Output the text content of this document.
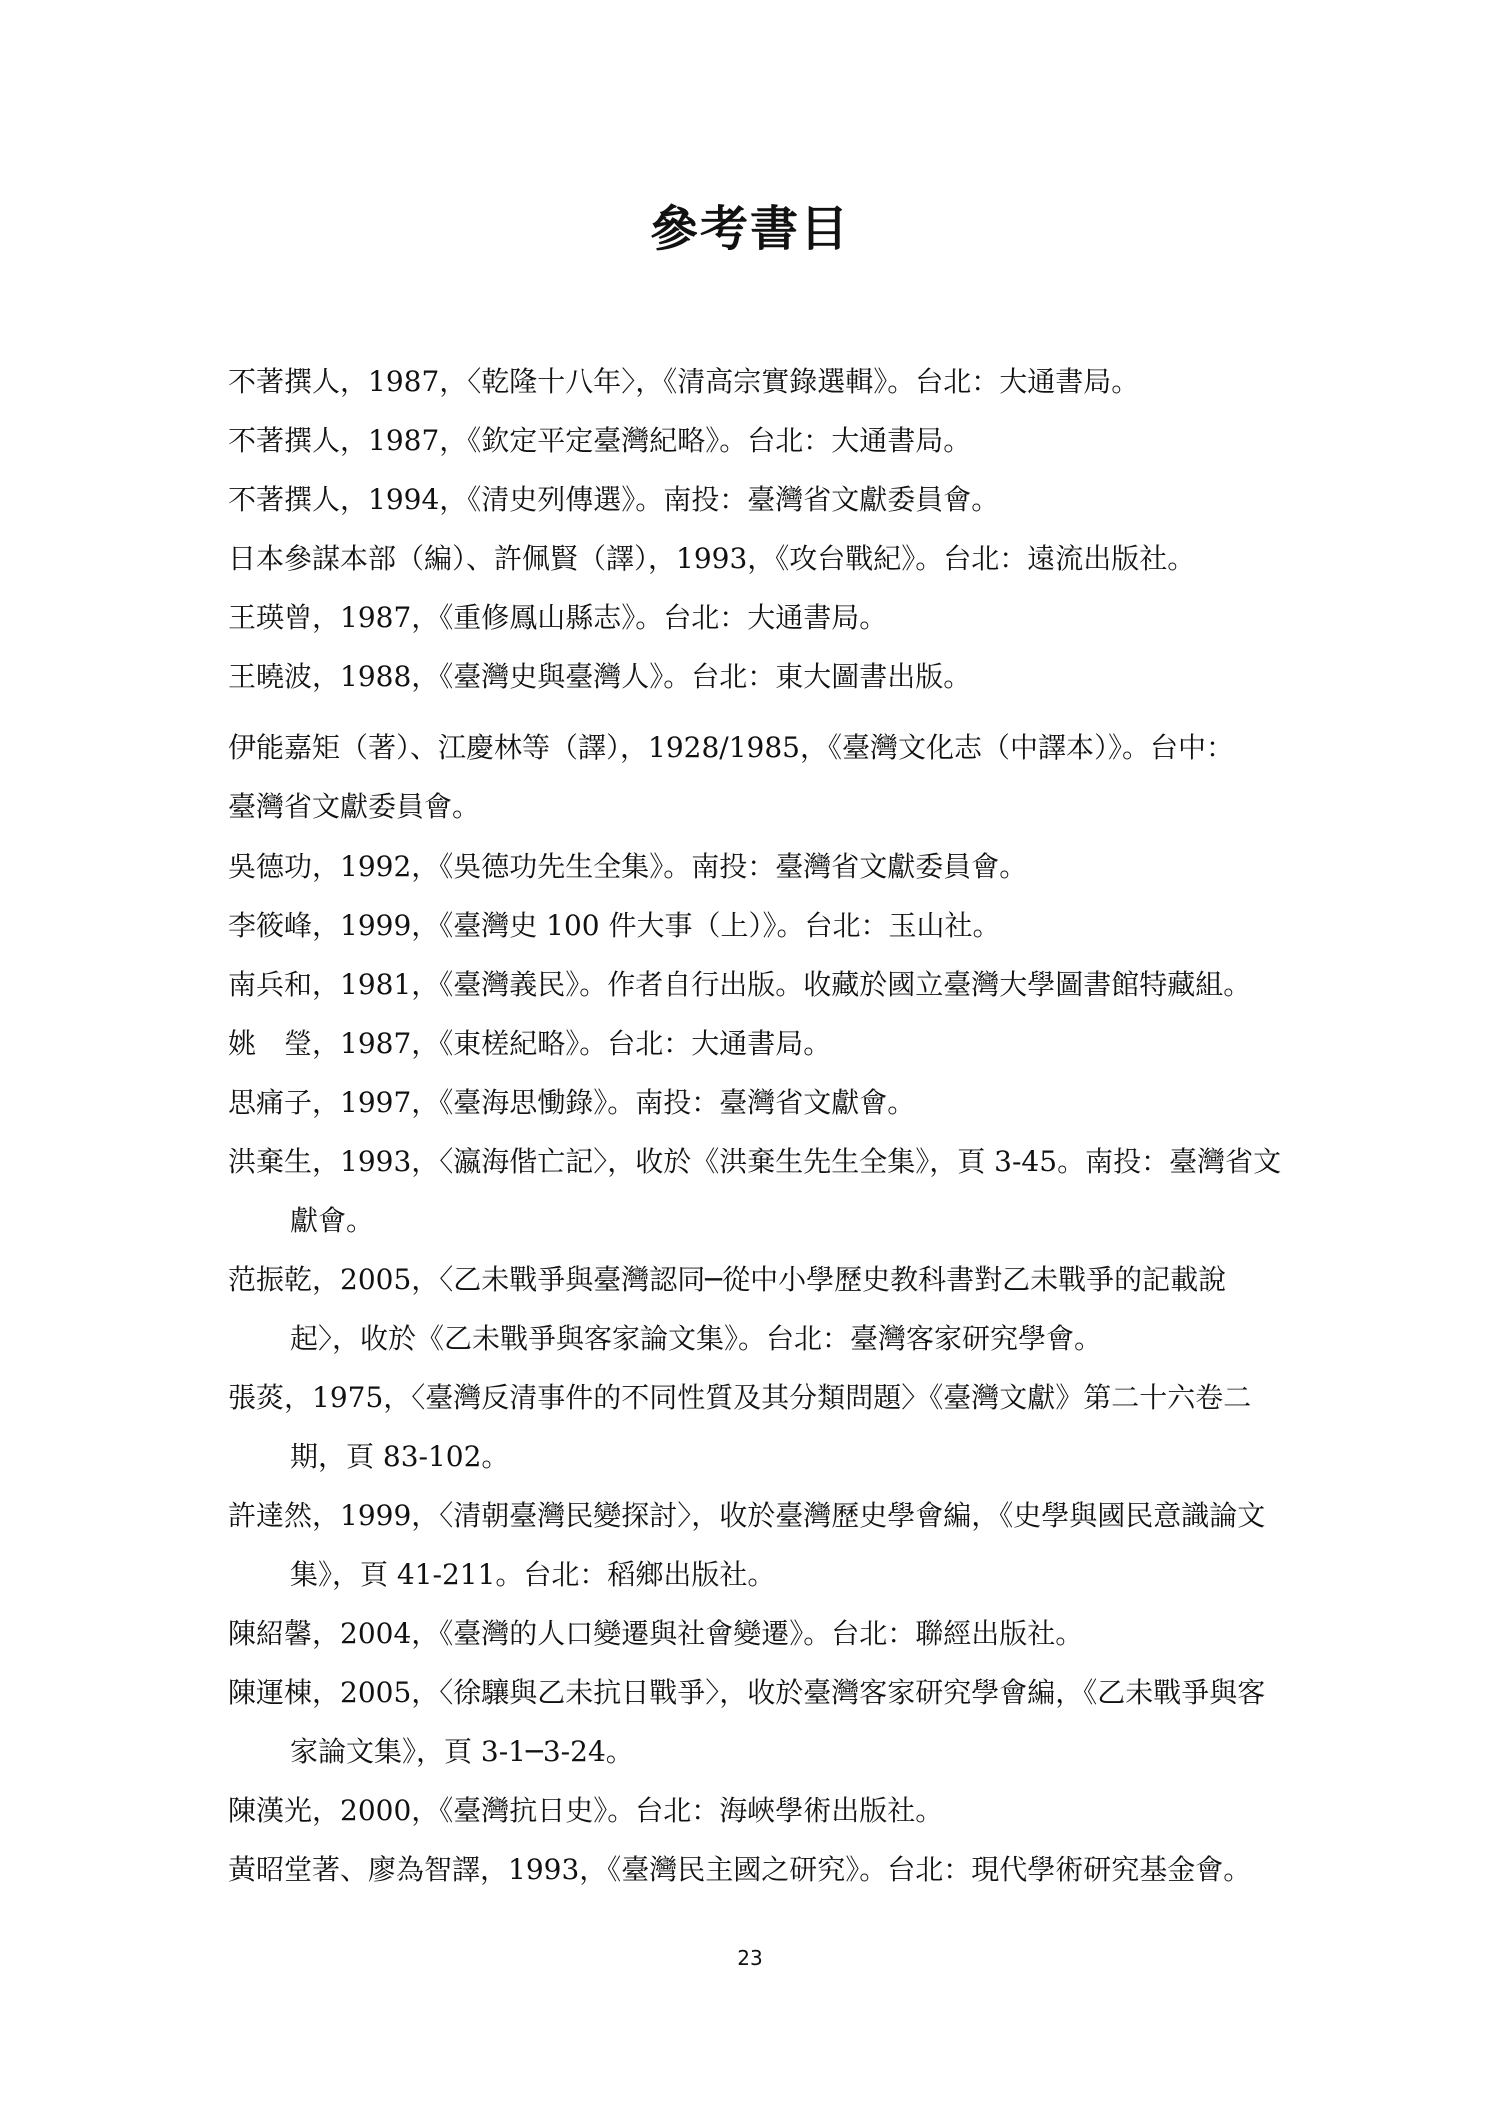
參考書目
不著撰人，1987，〈乾隆十八年〉，《清高宗實錄選輯》。台北：大通書局。
不著撰人，1987，《欽定平定臺灣紀略》。台北：大通書局。
不著撰人，1994，《清史列傳選》。南投：臺灣省文獻委員會。
日本參謀本部（編）、許佩賢（譯），1993，《攻台戰紀》。台北：遠流出版社。
王瑛曾，1987，《重修鳳山縣志》。台北：大通書局。
王曉波，1988，《臺灣史與臺灣人》。台北：東大圖書出版。
伊能嘉矩（著）、江慶林等（譯），1928/1985，《臺灣文化志（中譯本）》。台中：
臺灣省文獻委員會。
吳德功，1992，《吳德功先生全集》。南投：臺灣省文獻委員會。
李筱峰，1999，《臺灣史 100 件大事（上）》。台北：玉山社。
南兵和，1981，《臺灣義民》。作者自行出版。收藏於國立臺灣大學圖書館特藏組。
姚　瑩，1987，《東槎紀略》。台北：大通書局。
思痛子，1997，《臺海思慟錄》。南投：臺灣省文獻會。
洪棄生，1993，〈瀛海偕亡記〉，收於《洪棄生先生全集》，頁 3-45。南投：臺灣省文獻會。
范振乾，2005，〈乙未戰爭與臺灣認同─從中小學歷史教科書對乙未戰爭的記載說起〉，收於《乙未戰爭與客家論文集》。台北：臺灣客家研究學會。
張菼，1975，〈臺灣反清事件的不同性質及其分類問題〉《臺灣文獻》第二十六卷二期，頁 83-102。
許達然，1999，〈清朝臺灣民變探討〉，收於臺灣歷史學會編，《史學與國民意識論文集》，頁 41-211。台北：稻鄉出版社。
陳紹馨，2004，《臺灣的人口變遷與社會變遷》。台北：聯經出版社。
陳運棟，2005，〈徐驤與乙未抗日戰爭〉，收於臺灣客家研究學會編，《乙未戰爭與客家論文集》，頁 3-1─3-24。
陳漢光，2000，《臺灣抗日史》。台北：海峽學術出版社。
黃昭堂著、廖為智譯，1993，《臺灣民主國之研究》。台北：現代學術研究基金會。
23
